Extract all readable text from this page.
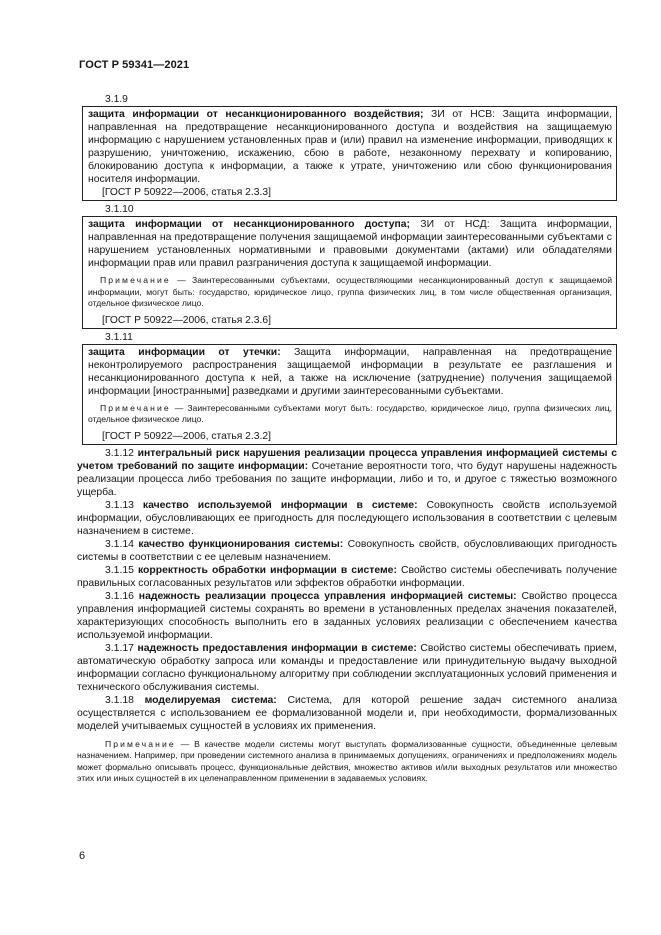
ГОСТ Р 59341—2021
3.1.9

защита информации от несанкционированного воздействия; ЗИ от НСВ: Защита информации, направленная на предотвращение несанкционированного доступа и воздействия на защищаемую информацию с нарушением установленных прав и (или) правил на изменение информации, приводящих к разрушению, уничтожению, искажению, сбою в работе, незаконному перехвату и копированию, блокированию доступа к информации, а также к утрате, уничтожению или сбою функционирования носителя информации.

[ГОСТ Р 50922—2006, статья 2.3.3]
3.1.10

защита информации от несанкционированного доступа; ЗИ от НСД: Защита информации, направленная на предотвращение получения защищаемой информации заинтересованными субъектами с нарушением установленных нормативными и правовыми документами (актами) или обладателями информации прав или правил разграничения доступа к защищаемой информации.

Примечание — Заинтересованными субъектами, осуществляющими несанкционированный доступ к защищаемой информации, могут быть: государство, юридическое лицо, группа физических лиц, в том числе общественная организация, отдельное физическое лицо.

[ГОСТ Р 50922—2006, статья 2.3.6]
3.1.11

защита информации от утечки: Защита информации, направленная на предотвращение неконтролируемого распространения защищаемой информации в результате ее разглашения и несанкционированного доступа к ней, а также на исключение (затруднение) получения защищаемой информации [иностранными] разведками и другими заинтересованными субъектами.

Примечание — Заинтересованными субъектами могут быть: государство, юридическое лицо, группа физических лиц, отдельное физическое лицо.

[ГОСТ Р 50922—2006, статья 2.3.2]

3.1.12 интегральный риск нарушения реализации процесса управления информацией системы с учетом требований по защите информации: Сочетание вероятности того, что будут нарушены надежность реализации процесса либо требования по защите информации, либо и то, и другое с тяжестью возможного ущерба.

3.1.13 качество используемой информации в системе: Совокупность свойств используемой информации, обусловливающих ее пригодность для последующего использования в соответствии с целевым назначением в системе.

3.1.14 качество функционирования системы: Совокупность свойств, обусловливающих пригодность системы в соответствии с ее целевым назначением.

3.1.15 корректность обработки информации в системе: Свойство системы обеспечивать получение правильных согласованных результатов или эффектов обработки информации.

3.1.16 надежность реализации процесса управления информацией системы: Свойство процесса управления информацией системы сохранять во времени в установленных пределах значения показателей, характеризующих способность выполнить его в заданных условиях реализации с обеспечением качества используемой информации.

3.1.17 надежность предоставления информации в системе: Свойство системы обеспечивать прием, автоматическую обработку запроса или команды и предоставление или принудительную выдачу выходной информации согласно функциональному алгоритму при соблюдении эксплуатационных условий применения и технического обслуживания системы.

3.1.18 моделируемая система: Система, для которой решение задач системного анализа осуществляется с использованием ее формализованной модели и, при необходимости, формализованных моделей учитываемых сущностей в условиях их применения.

Примечание — В качестве модели системы могут выступать формализованные сущности, объединенные целевым назначением. Например, при проведении системного анализа в принимаемых допущениях, ограничениях и предположениях модель может формально описывать процесс, функциональные действия, множество активов и/или выходных результатов или множество этих или иных сущностей в их целенаправленном применении в задаваемых условиях.

6
